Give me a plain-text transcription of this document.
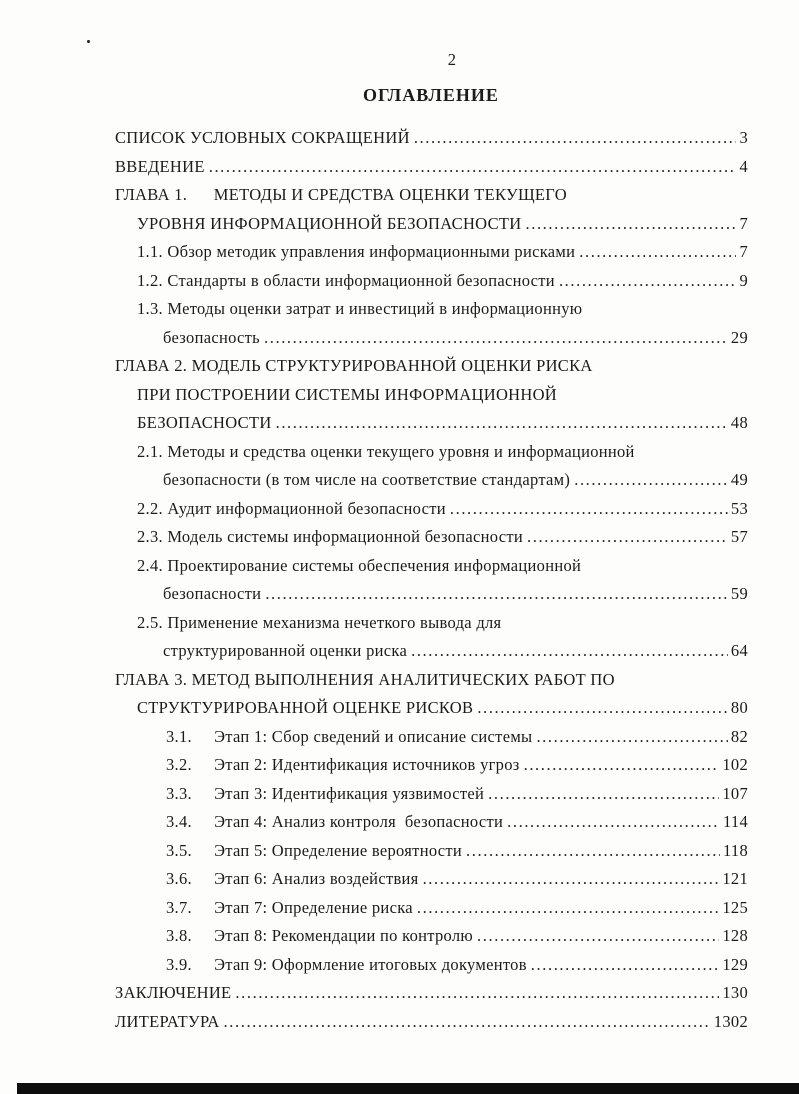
2
ОГЛАВЛЕНИЕ
СПИСОК УСЛОВНЫХ СОКРАЩЕНИЙ .....	3
ВВЕДЕНИЕ .....	4
ГЛАВА 1.      МЕТОДЫ И СРЕДСТВА ОЦЕНКИ ТЕКУЩЕГО
УРОВНЯ ИНФОРМАЦИОННОЙ БЕЗОПАСНОСТИ .....	7
1.1. Обзор методик управления информационными рисками .....	7
1.2. Стандарты в области информационной безопасности .....	9
1.3. Методы оценки затрат и инвестиций в информационную
безопасность .....	29
ГЛАВА 2. МОДЕЛЬ СТРУКТУРИРОВАННОЙ ОЦЕНКИ РИСКА
ПРИ ПОСТРОЕНИИ СИСТЕМЫ ИНФОРМАЦИОННОЙ
БЕЗОПАСНОСТИ .....	48
2.1. Методы и средства оценки текущего уровня и информационной
безопасности (в том числе на соответствие стандартам) .....	49
2.2. Аудит информационной безопасности .....	53
2.3. Модель системы информационной безопасности .....	57
2.4. Проектирование системы обеспечения информационной
безопасности .....	59
2.5. Применение механизма нечеткого вывода для
структурированной оценки риска .....	64
ГЛАВА 3. МЕТОД ВЫПОЛНЕНИЯ АНАЛИТИЧЕСКИХ РАБОТ ПО
СТРУКТУРИРОВАННОЙ ОЦЕНКЕ РИСКОВ .....	80
3.1.     Этап 1: Сбор сведений и описание системы .....	82
3.2.     Этап 2: Идентификация источников угроз .....	102
3.3.     Этап 3: Идентификация уязвимостей .....	107
3.4.     Этап 4: Анализ контроля  безопасности .....	114
3.5.     Этап 5: Определение вероятности .....	118
3.6.     Этап 6: Анализ воздействия .....	121
3.7.     Этап 7: Определение риска .....	125
3.8.     Этап 8: Рекомендации по контролю .....	128
3.9.     Этап 9: Оформление итоговых документов .....	129
ЗАКЛЮЧЕНИЕ .....	130
ЛИТЕРАТУРА .....	1302
